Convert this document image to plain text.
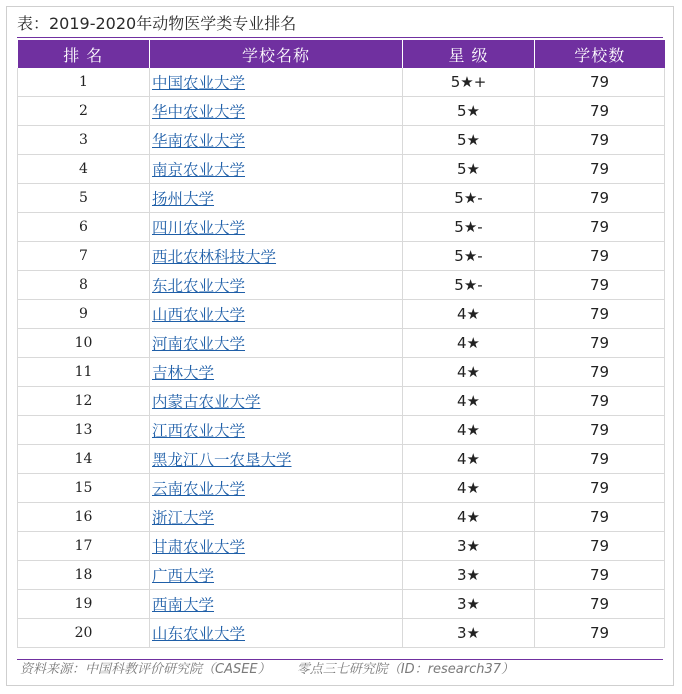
表：2019-2020年动物医学类专业排名
排 名	学校名称	星 级	学校数
1	中国农业大学	5★+	79
2	华中农业大学	5★	79
3	华南农业大学	5★	79
4	南京农业大学	5★	79
5	扬州大学	5★-	79
6	四川农业大学	5★-	79
7	西北农林科技大学	5★-	79
8	东北农业大学	5★-	79
9	山西农业大学	4★	79
10	河南农业大学	4★	79
11	吉林大学	4★	79
12	内蒙古农业大学	4★	79
13	江西农业大学	4★	79
14	黑龙江八一农垦大学	4★	79
15	云南农业大学	4★	79
16	浙江大学	4★	79
17	甘肃农业大学	3★	79
18	广西大学	3★	79
19	西南大学	3★	79
20	山东农业大学	3★	79
资料来源：中国科教评价研究院（CASEE） 零点三七研究院（ID：research37）
